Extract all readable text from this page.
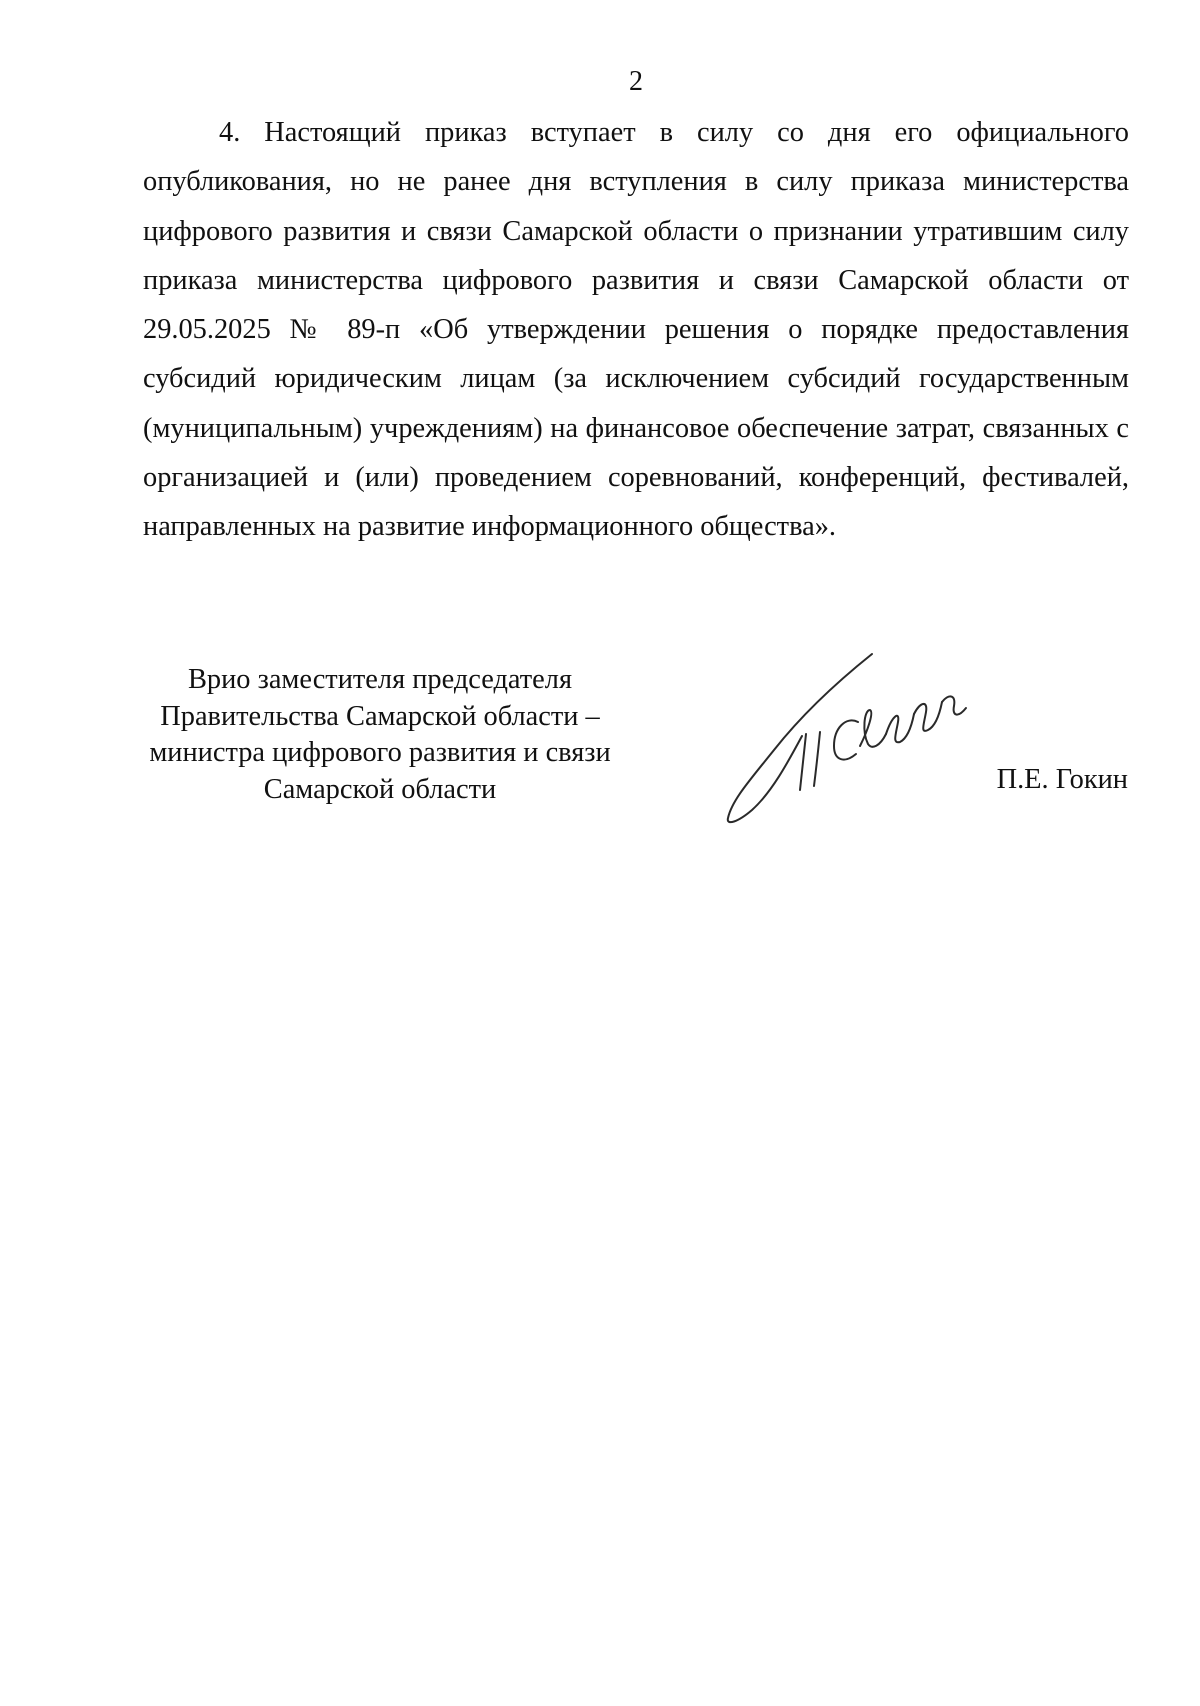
2

4. Настоящий приказ вступает в силу со дня его официального опубликования, но не ранее дня вступления в силу приказа министерства цифрового развития и связи Самарской области о признании утратившим силу приказа министерства цифрового развития и связи Самарской области от 29.05.2025 № 89-п «Об утверждении решения о порядке предоставления субсидий юридическим лицам (за исключением субсидий государственным (муниципальным) учреждениям) на финансовое обеспечение затрат, связанных с организацией и (или) проведением соревнований, конференций, фестивалей, направленных на развитие информационного общества».

Врио заместителя председателя
Правительства Самарской области –
министра цифрового развития и связи
Самарской области	П.Е. Гокин
